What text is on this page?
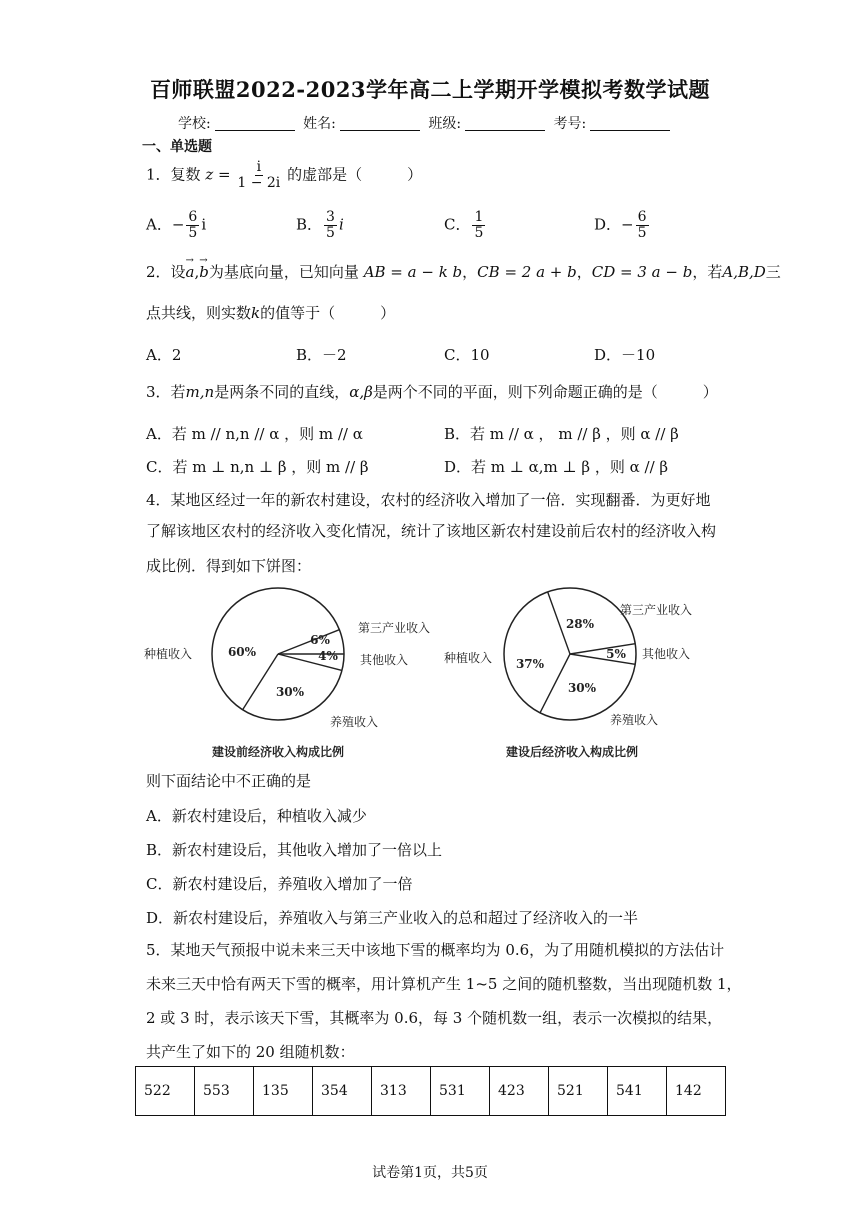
百师联盟2022-2023学年高二上学期开学模拟考数学试题
学校:	姓名:	班级:	考号:
一、单选题
1．复数 $z = \frac{i}{1 - 2i}$ 的虚部是（　　　）
A．− $\frac{6}{5}$ i	B． $\frac{3}{5}$ i	C． $\frac{1}{5}$	D．− $\frac{6}{5}$
2．设→ a,→ b为基底向量，已知向量 AB = a − k b，CB = 2 a + b，CD = 3 a − b，若A,B,D三
点共线，则实数k的值等于（　　　）
A．2	B．－2	C．10	D．－10
3．若m,n是两条不同的直线，α,β是两个不同的平面，则下列命题正确的是（　　　）
A．若 m // n,n // α ，则 m // α	B．若 m // α ， m // β ，则 α // β
C．若 m ⊥ n,n ⊥ β ，则 m // β	D．若 m ⊥ α,m ⊥ β ，则 α // β
4．某地区经过一年的新农村建设，农村的经济收入增加了一倍．实现翻番．为更好地
了解该地区农村的经济收入变化情况，统计了该地区新农村建设前后农村的经济收入构
成比例．得到如下饼图：
60%
6%
4%
30%
种植收入
第三产业收入
其他收入
养殖收入
建设前经济收入构成比例
37%
28%
5%
30%
种植收入
第三产业收入
其他收入
养殖收入
建设后经济收入构成比例
则下面结论中不正确的是
A．新农村建设后，种植收入减少
B．新农村建设后，其他收入增加了一倍以上
C．新农村建设后，养殖收入增加了一倍
D．新农村建设后，养殖收入与第三产业收入的总和超过了经济收入的一半
5．某地天气预报中说未来三天中该地下雪的概率均为 0.6，为了用随机模拟的方法估计
未来三天中恰有两天下雪的概率，用计算机产生 1~5 之间的随机整数，当出现随机数 1，
2 或 3 时，表示该天下雪，其概率为 0.6，每 3 个随机数一组，表示一次模拟的结果，
共产生了如下的 20 组随机数：
522	553	135	354	313	531	423	521	541	142
试卷第1页，共5页
